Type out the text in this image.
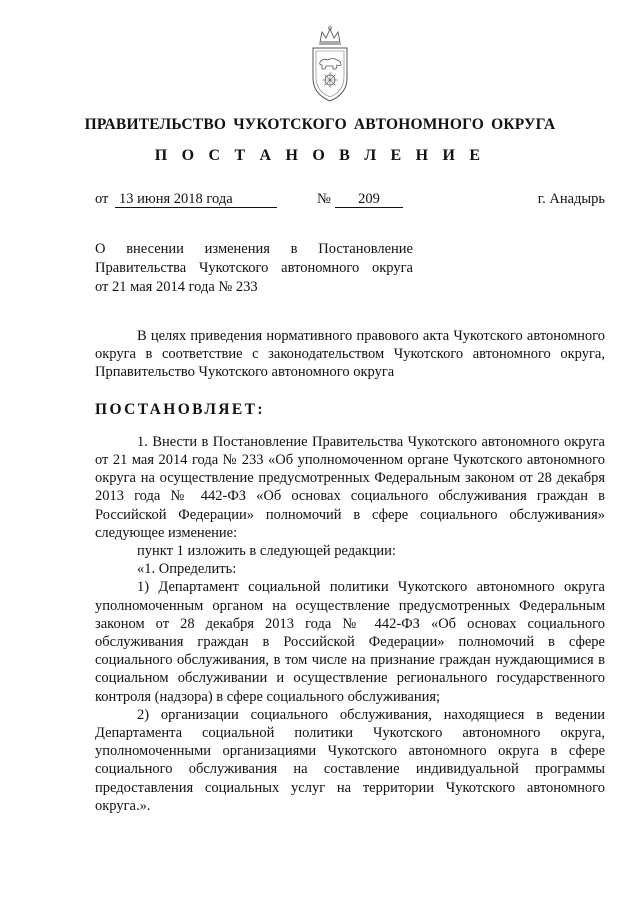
ПРАВИТЕЛЬСТВО ЧУКОТСКОГО АВТОНОМНОГО ОКРУГА
П О С Т А Н О В Л Е Н И Е
от 13 июня 2018 года	№	209	г. Анадырь
О внесении изменения в Постановление
Правительства Чукотского автономного округа
от 21 мая 2014 года № 233

В целях приведения нормативного правового акта Чукотского автономного округа в соответствие с законодательством Чукотского автономного округа, Прпавительство Чукотского автономного округа

ПОСТАНОВЛЯЕТ:

1. Внести в Постановление Правительства Чукотского автономного округа от 21 мая 2014 года № 233 «Об уполномоченном органе Чукотского автономного округа на осуществление предусмотренных Федеральным законом от 28 декабря 2013 года № 442-ФЗ «Об основах социального обслуживания граждан в Российской Федерации» полномочий в сфере социального обслуживания» следующее изменение:

пункт 1 изложить в следующей редакции:

«1. Определить:

1) Департамент социальной политики Чукотского автономного округа уполномоченным органом на осуществление предусмотренных Федеральным законом от 28 декабря 2013 года № 442-ФЗ «Об основах социального обслуживания граждан в Российской Федерации» полномочий в сфере социального обслуживания, в том числе на признание граждан нуждающимися в социальном обслуживании и осуществление регионального государственного контроля (надзора) в сфере социального обслуживания;

2) организации социального обслуживания, находящиеся в ведении Департамента социальной политики Чукотского автономного округа, уполномоченными организациями Чукотского автономного округа в сфере социального обслуживания на составление индивидуальной программы предоставления социальных услуг на территории Чукотского автономного округа.».
